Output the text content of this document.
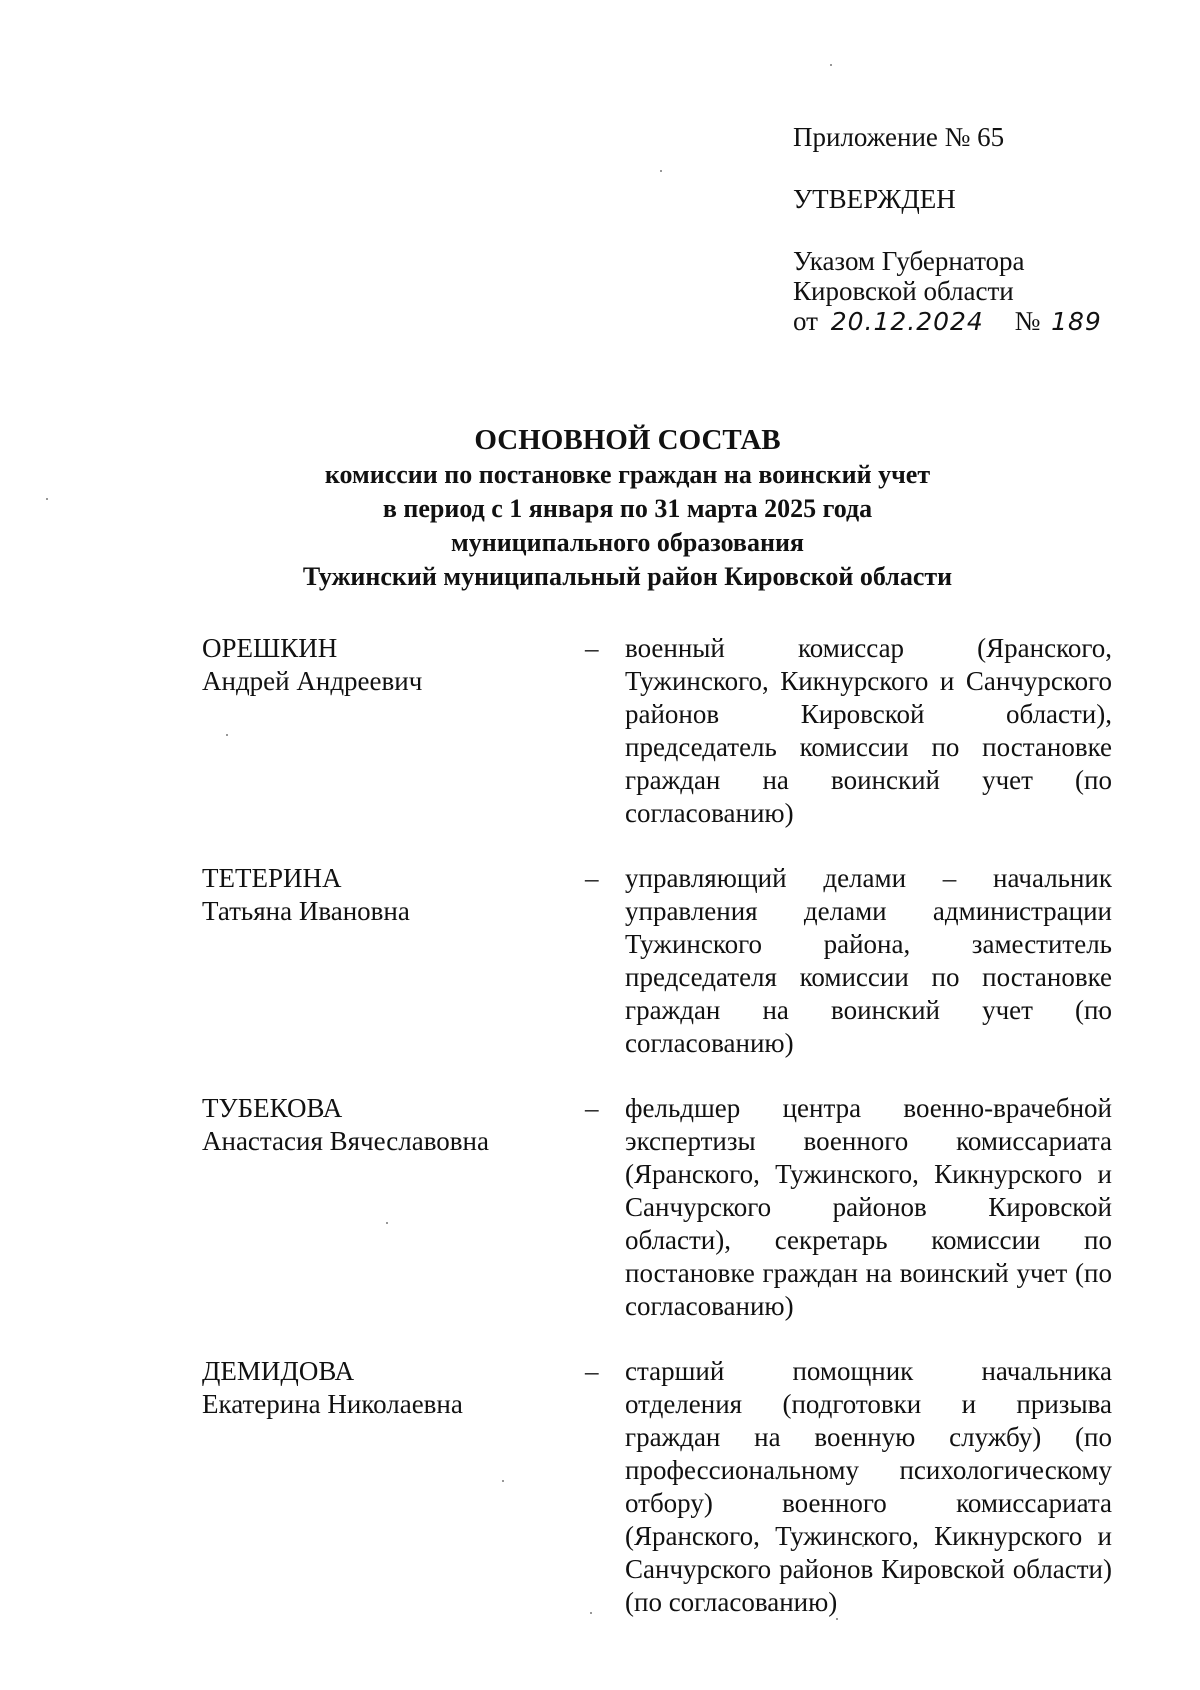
Приложение № 65
УТВЕРЖДЕН
Указом Губернатора
Кировской области
от 20.12.2024 № 189
ОСНОВНОЙ СОСТАВ
комиссии по постановке граждан на воинский учет
в период с 1 января по 31 марта 2025 года
муниципального образования
Тужинский муниципальный район Кировской области
ОРЕШКИН
Андрей Андреевич
– военный комиссар (Яранского, Тужинского, Кикнурского и Санчурского районов Кировской области), председатель комиссии по постановке граждан на воинский учет (по согласованию)
ТЕТЕРИНА
Татьяна Ивановна
– управляющий делами – начальник управления делами администрации Тужинского района, заместитель председателя комиссии по постановке граждан на воинский учет (по согласованию)
ТУБЕКОВА
Анастасия Вячеславовна
– фельдшер центра военно-врачебной экспертизы военного комиссариата (Яранского, Тужинского, Кикнурского и Санчурского районов Кировской области), секретарь комиссии по постановке граждан на воинский учет (по согласованию)
ДЕМИДОВА
Екатерина Николаевна
– старший помощник начальника отделения (подготовки и призыва граждан на военную службу) (по профессиональному психологическому отбору) военного комиссариата (Яранского, Тужинского, Кикнурского и Санчурского районов Кировской области) (по согласованию)
